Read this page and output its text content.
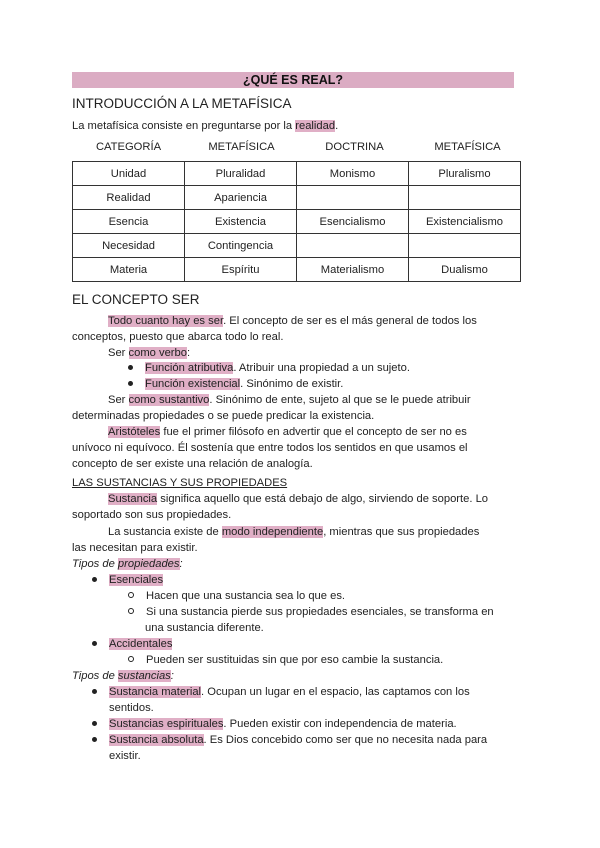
¿QUÉ ES REAL?
INTRODUCCIÓN A LA METAFÍSICA
La metafísica consiste en preguntarse por la realidad.
CATEGORÍA	METAFÍSICA	DOCTRINA	METAFÍSICA
Unidad	Pluralidad	Monismo	Pluralismo
Realidad	Apariencia		
Esencia	Existencia	Esencialismo	Existencialismo
Necesidad	Contingencia		
Materia	Espíritu	Materialismo	Dualismo
EL CONCEPTO SER
Todo cuanto hay es ser. El concepto de ser es el más general de todos los
conceptos, puesto que abarca todo lo real.
Ser como verbo:
Función atributiva. Atribuir una propiedad a un sujeto.
Función existencial. Sinónimo de existir.
Ser como sustantivo. Sinónimo de ente, sujeto al que se le puede atribuir
determinadas propiedades o se puede predicar la existencia.
Aristóteles fue el primer filósofo en advertir que el concepto de ser no es
unívoco ni equívoco. Él sostenía que entre todos los sentidos en que usamos el
concepto de ser existe una relación de analogía.
LAS SUSTANCIAS Y SUS PROPIEDADES
Sustancia significa aquello que está debajo de algo, sirviendo de soporte. Lo
soportado son sus propiedades.
La sustancia existe de modo independiente, mientras que sus propiedades
las necesitan para existir.
Tipos de propiedades:
Esenciales
Hacen que una sustancia sea lo que es.
Si una sustancia pierde sus propiedades esenciales, se transforma en
una sustancia diferente.
Accidentales
Pueden ser sustituidas sin que por eso cambie la sustancia.
Tipos de sustancias:
Sustancia material. Ocupan un lugar en el espacio, las captamos con los
sentidos.
Sustancias espirituales. Pueden existir con independencia de materia.
Sustancia absoluta. Es Dios concebido como ser que no necesita nada para
existir.
